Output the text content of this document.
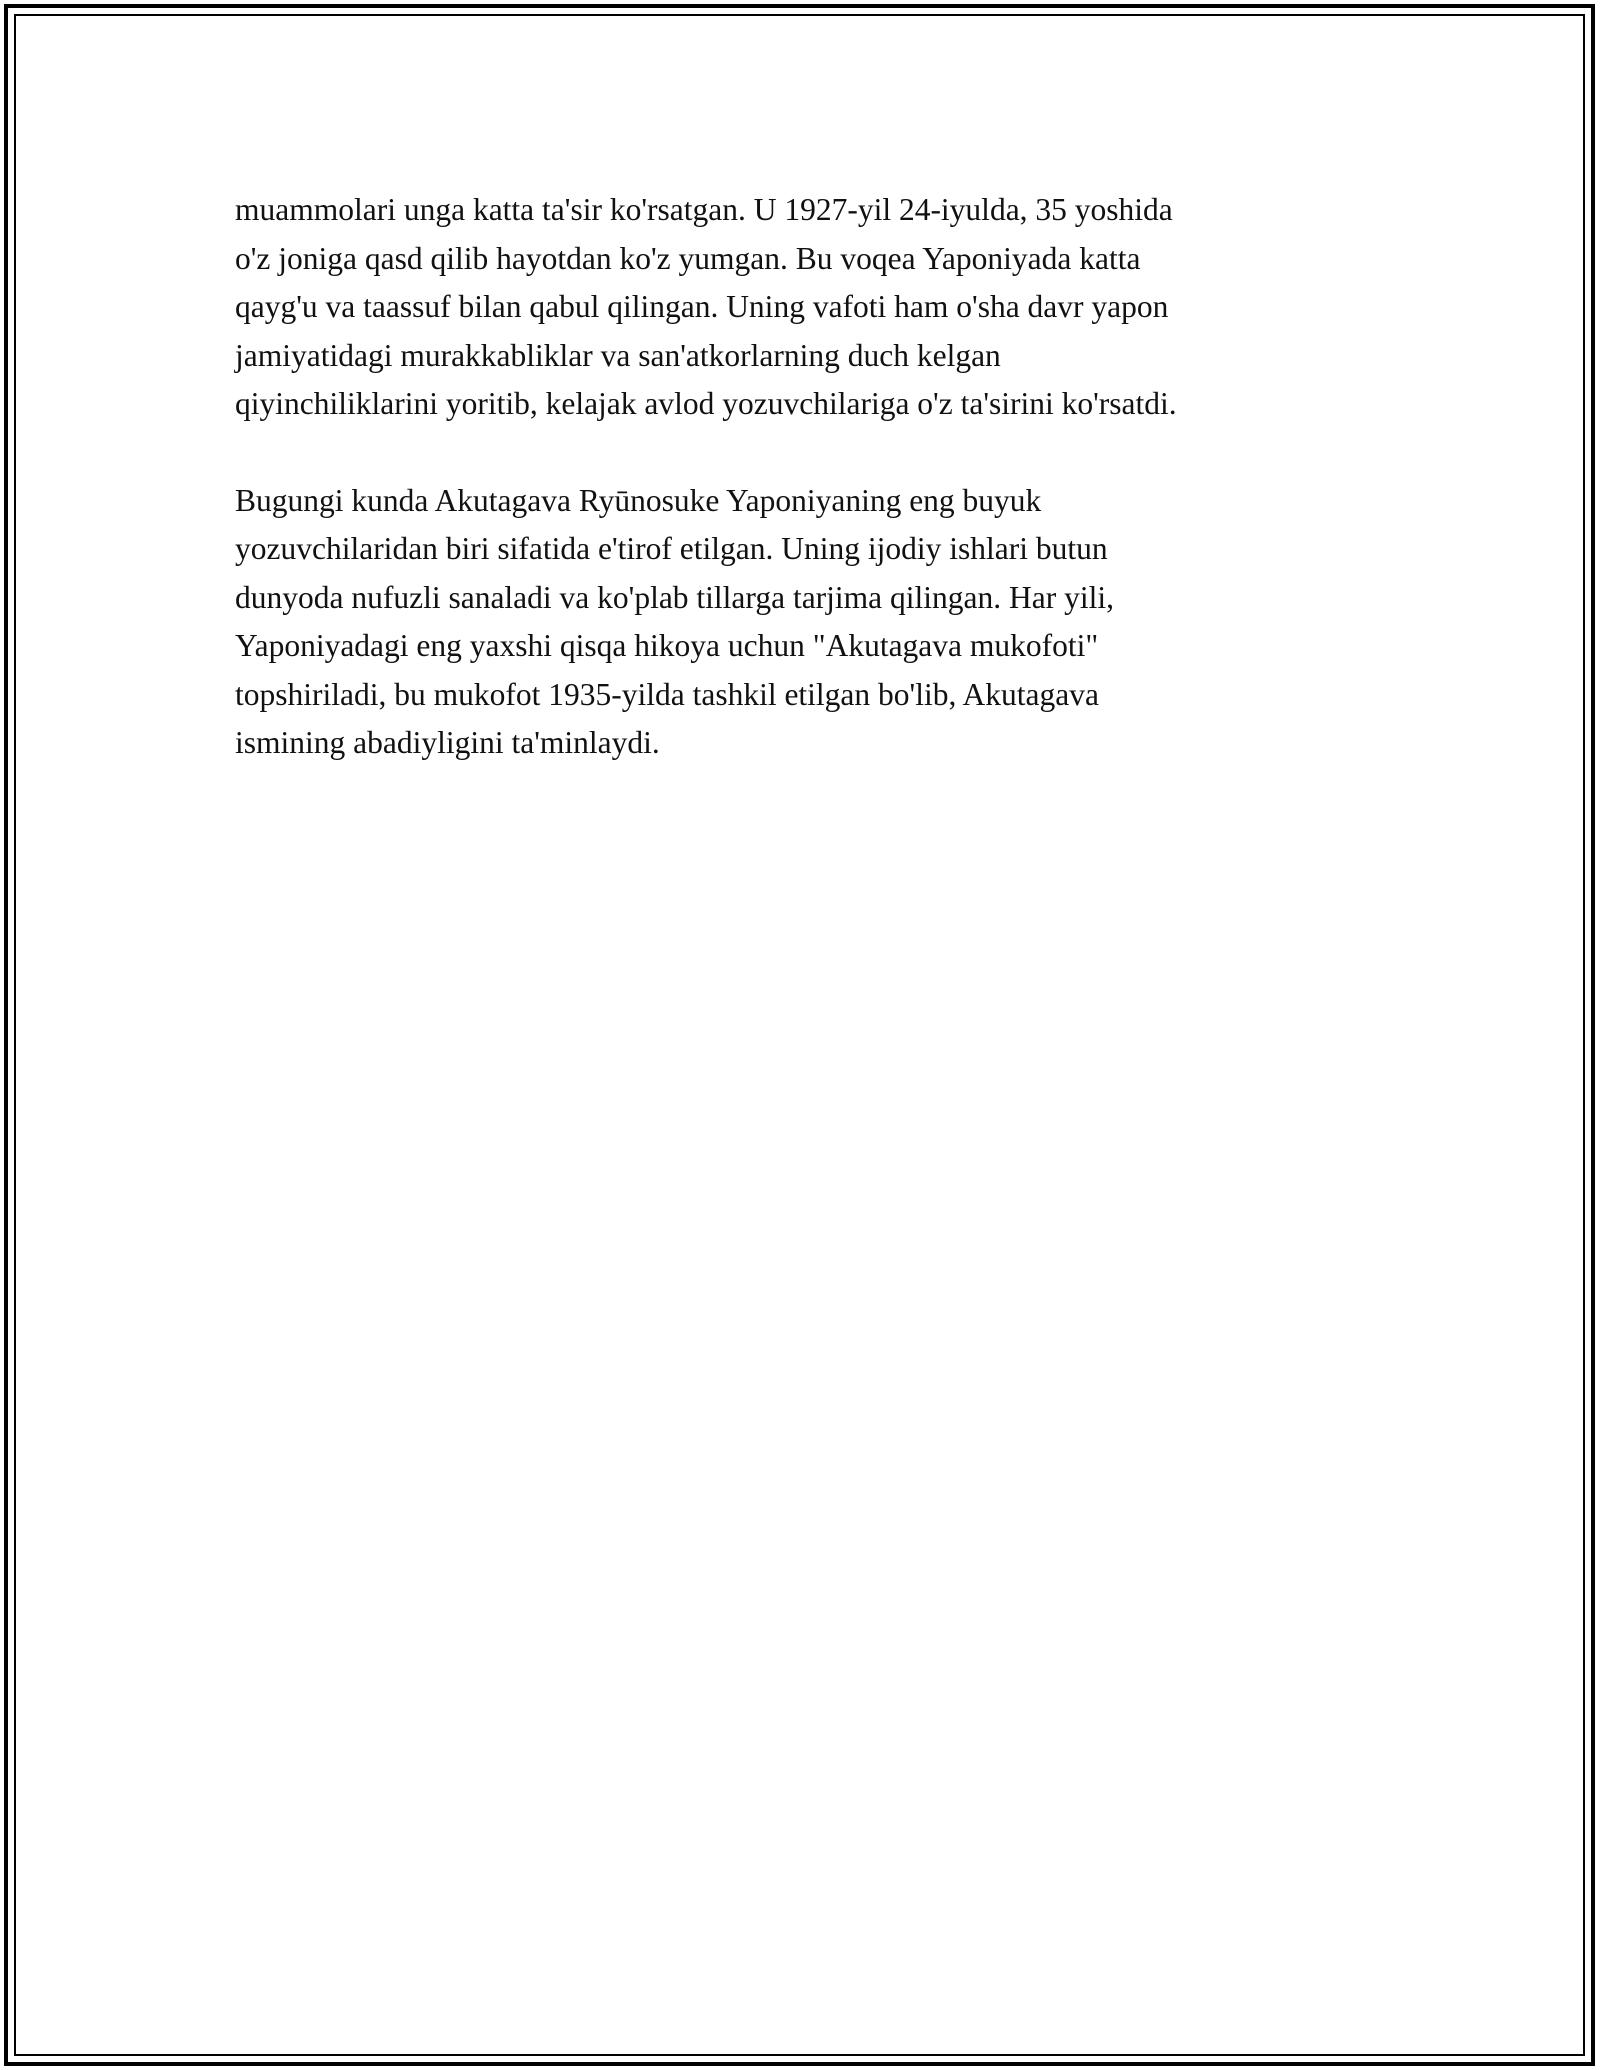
muammolari unga katta ta'sir ko'rsatgan. U 1927-yil 24-iyulda, 35 yoshida
o'z joniga qasd qilib hayotdan ko'z yumgan. Bu voqea Yaponiyada katta
qayg'u va taassuf bilan qabul qilingan. Uning vafoti ham o'sha davr yapon
jamiyatidagi murakkabliklar va san'atkorlarning duch kelgan
qiyinchiliklarini yoritib, kelajak avlod yozuvchilariga o'z ta'sirini ko'rsatdi.

Bugungi kunda Akutagava Ryūnosuke Yaponiyaning eng buyuk
yozuvchilaridan biri sifatida e'tirof etilgan. Uning ijodiy ishlari butun
dunyoda nufuzli sanaladi va ko'plab tillarga tarjima qilingan. Har yili,
Yaponiyadagi eng yaxshi qisqa hikoya uchun "Akutagava mukofoti"
topshiriladi, bu mukofot 1935-yilda tashkil etilgan bo'lib, Akutagava
ismining abadiyligini ta'minlaydi.
